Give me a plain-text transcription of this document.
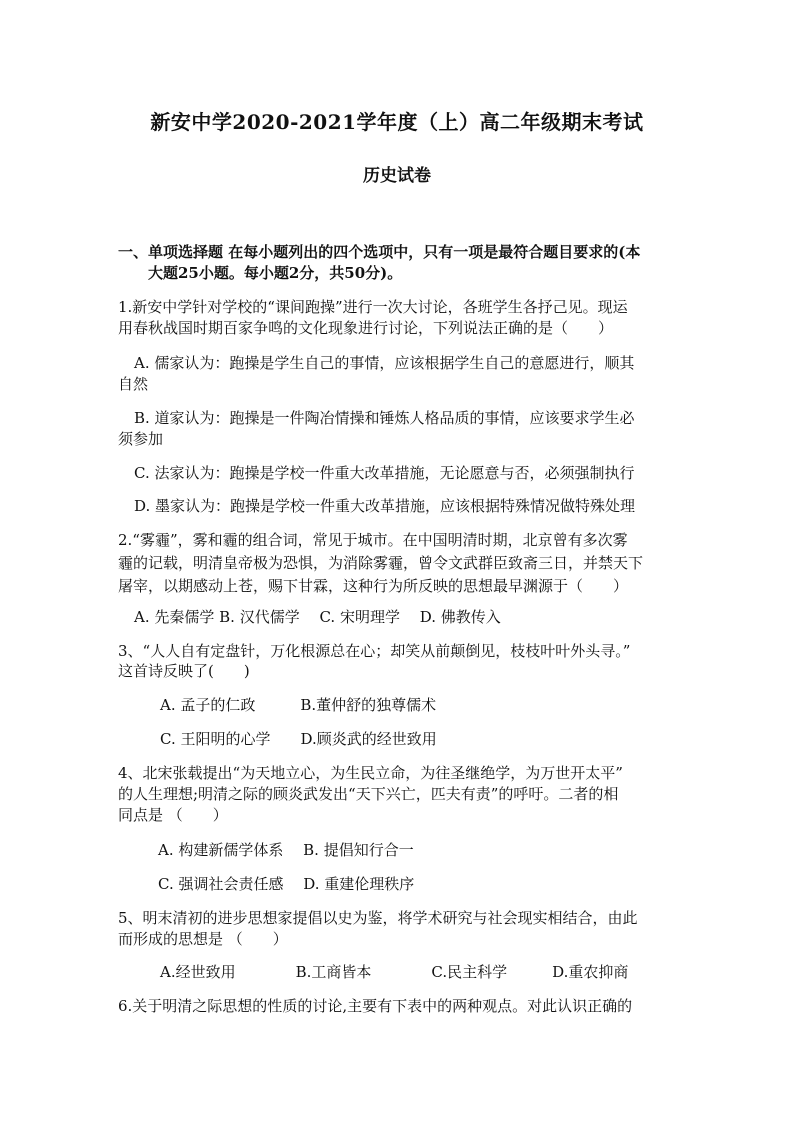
新安中学2020-2021学年度（上）高二年级期末考试
历史试卷
一、单项选择题 在每小题列出的四个选项中，只有一项是最符合题目要求的(本
大题25小题。每小题2分，共50分)。
1.新安中学针对学校的“课间跑操”进行一次大讨论，各班学生各抒己见。现运
用春秋战国时期百家争鸣的文化现象进行讨论，下列说法正确的是（　　）
A. 儒家认为：跑操是学生自己的事情，应该根据学生自己的意愿进行，顺其
自然
B. 道家认为：跑操是一件陶冶情操和锤炼人格品质的事情，应该要求学生必
须参加
C. 法家认为：跑操是学校一件重大改革措施，无论愿意与否，必须强制执行
D. 墨家认为：跑操是学校一件重大改革措施，应该根据特殊情况做特殊处理
2.“雾霾”，雾和霾的组合词，常见于城市。在中国明清时期，北京曾有多次雾
霾的记载，明清皇帝极为恐惧，为消除雾霾，曾令文武群臣致斋三日，并禁天下
屠宰，以期感动上苍，赐下甘霖，这种行为所反映的思想最早渊源于（　　）
A. 先秦儒学 B. 汉代儒学　 C. 宋明理学　 D. 佛教传入
3、“人人自有定盘针，万化根源总在心；却笑从前颠倒见，枝枝叶叶外头寻。”
这首诗反映了(　　)
A. 孟子的仁政　　　B.董仲舒的独尊儒术
C. 王阳明的心学　　D.顾炎武的经世致用
4、北宋张载提出“为天地立心，为生民立命，为往圣继绝学，为万世开太平”
的人生理想;明清之际的顾炎武发出“天下兴亡，匹夫有责”的呼吁。二者的相
同点是 （　　）
A. 构建新儒学体系　 B. 提倡知行合一
C. 强调社会责任感　 D. 重建伦理秩序
5、明末清初的进步思想家提倡以史为鉴，将学术研究与社会现实相结合，由此
而形成的思想是 （　　）
A.经世致用　　　　B.工商皆本　　　　C.民主科学　　　D.重农抑商
6.关于明清之际思想的性质的讨论,主要有下表中的两种观点。对此认识正确的
